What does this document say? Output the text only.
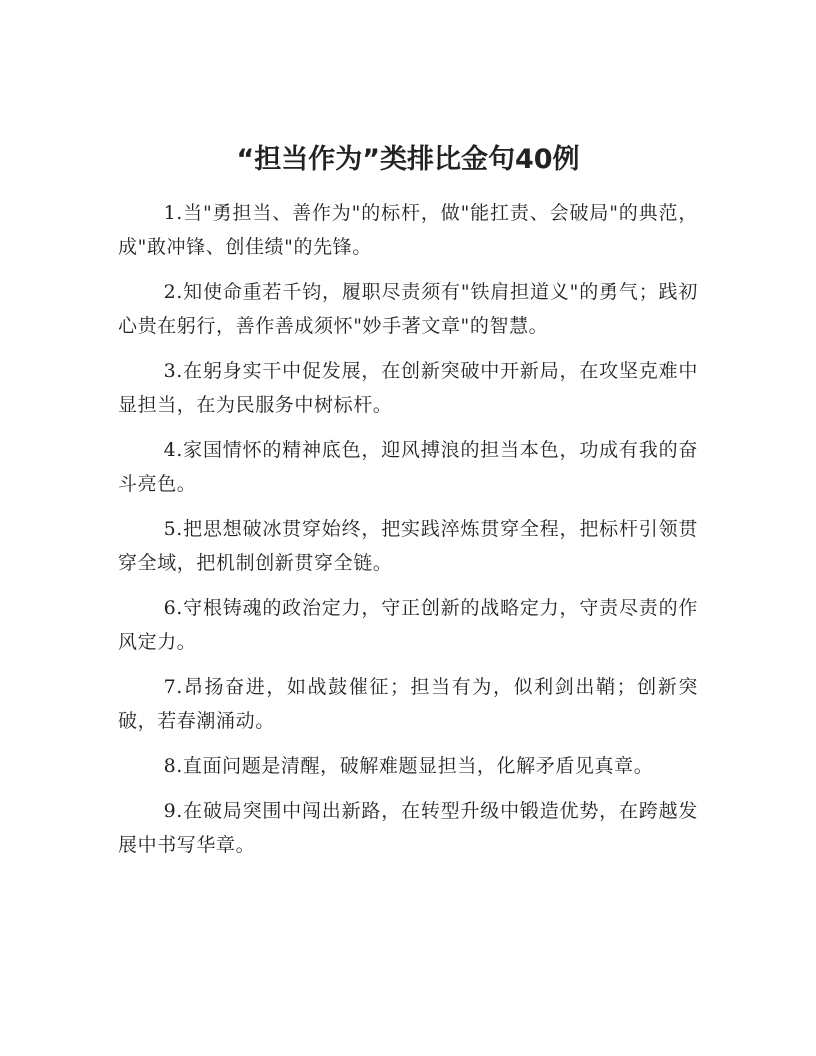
“担当作为”类排比金句40例

1.当"勇担当、善作为"的标杆，做"能扛责、会破局"的典范，成"敢冲锋、创佳绩"的先锋。

2.知使命重若千钧，履职尽责须有"铁肩担道义"的勇气；践初心贵在躬行，善作善成须怀"妙手著文章"的智慧。

3.在躬身实干中促发展，在创新突破中开新局，在攻坚克难中显担当，在为民服务中树标杆。

4.家国情怀的精神底色，迎风搏浪的担当本色，功成有我的奋斗亮色。

5.把思想破冰贯穿始终，把实践淬炼贯穿全程，把标杆引领贯穿全域，把机制创新贯穿全链。

6.守根铸魂的政治定力，守正创新的战略定力，守责尽责的作风定力。

7.昂扬奋进，如战鼓催征；担当有为，似利剑出鞘；创新突破，若春潮涌动。

8.直面问题是清醒，破解难题显担当，化解矛盾见真章。

9.在破局突围中闯出新路，在转型升级中锻造优势，在跨越发展中书写华章。
